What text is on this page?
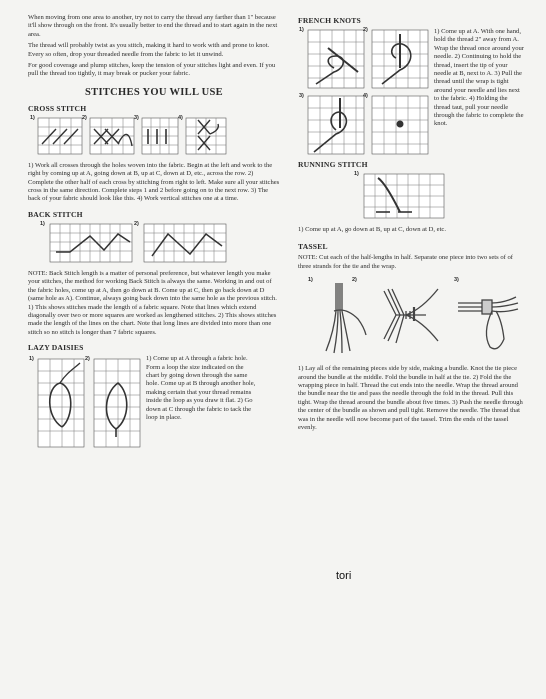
When moving from one area to another, try not to carry the thread any farther than 1" because it'll show through on the front. It's usually better to end the thread and to start again in the next area.

The thread will probably twist as you stitch, making it hard to work with and prone to knot. Every so often, drop your threaded needle from the fabric to let it unwind.

For good coverage and plump stitches, keep the tension of your stitches light and even. If you pull the thread too tightly, it may break or pucker your fabric.

STITCHES YOU WILL USE
CROSS STITCH
1)	2)	3)	4)

1) Work all crosses through the holes woven into the fabric. Begin at the left and work to the right by coming up at A, going down at B, up at C, down at D, etc., across the row. 2) Complete the other half of each cross by stitching from right to left. Make sure all your stitches cross in the same direction. Complete steps 1 and 2 before going on to the next row. 3) The back of your fabric should look like this. 4) Work vertical stitches one at a time.

BACK STITCH
1)	2)

NOTE: Back Stitch length is a matter of personal preference, but whatever length you make your stitches, the method for working Back Stitch is always the same. Working in and out of the fabric holes, come up at A, then go down at B. Come up at C, then go back down at D (same hole as A). Continue, always going back down into the same hole as the previous stitch. 1) This shows stitches made the length of a fabric square. Note that lines which extend diagonally over two or more squares are worked as lengthened stitches. 2) This shows stitches made the length of the lines on the chart. Note that long lines are divided into more than one stitch so no stitch is longer than 7 fabric squares.

LAZY DAISIES
1)	2)	1) Come up at A through a fabric hole. Form a loop the size indicated on the chart by going down through the same hole. Come up at B through another hole, making certain that your thread remains inside the loop as you draw it flat. 2) Go down at C through the fabric to tack the loop in place.

FRENCH KNOTS
1)	2)
3)	4)

1) Come up at A. With one hand, hold the thread 2" away from A. Wrap the thread once around your needle. 2) Continuing to hold the thread, insert the tip of your needle at B, next to A. 3) Pull the thread until the wrap is tight around your needle and lies next to the fabric. 4) Holding the thread taut, pull your needle through the fabric to complete the knot.

RUNNING STITCH
1)

1) Come up at A, go down at B, up at C, down at D, etc.

TASSEL

NOTE: Cut each of the half-lengths in half. Separate one piece into two sets of of three strands for the tie and the wrap.

1)	2)	3)

1) Lay all of the remaining pieces side by side, making a bundle. Knot the tie piece around the bundle at the middle. Fold the bundle in half at the tie. 2) Fold the the wrapping piece in half. Thread the cut ends into the needle. Wrap the thread around the bundle near the tie and pass the needle through the fold in the thread. Pull this tight. Wrap the thread around the bundle about five times. 3) Push the needle through the center of the bundle as shown and pull tight. Remove the needle. The thread that was in the needle will now become part of the tassel. Trim the ends of the tassel evenly.

tori
